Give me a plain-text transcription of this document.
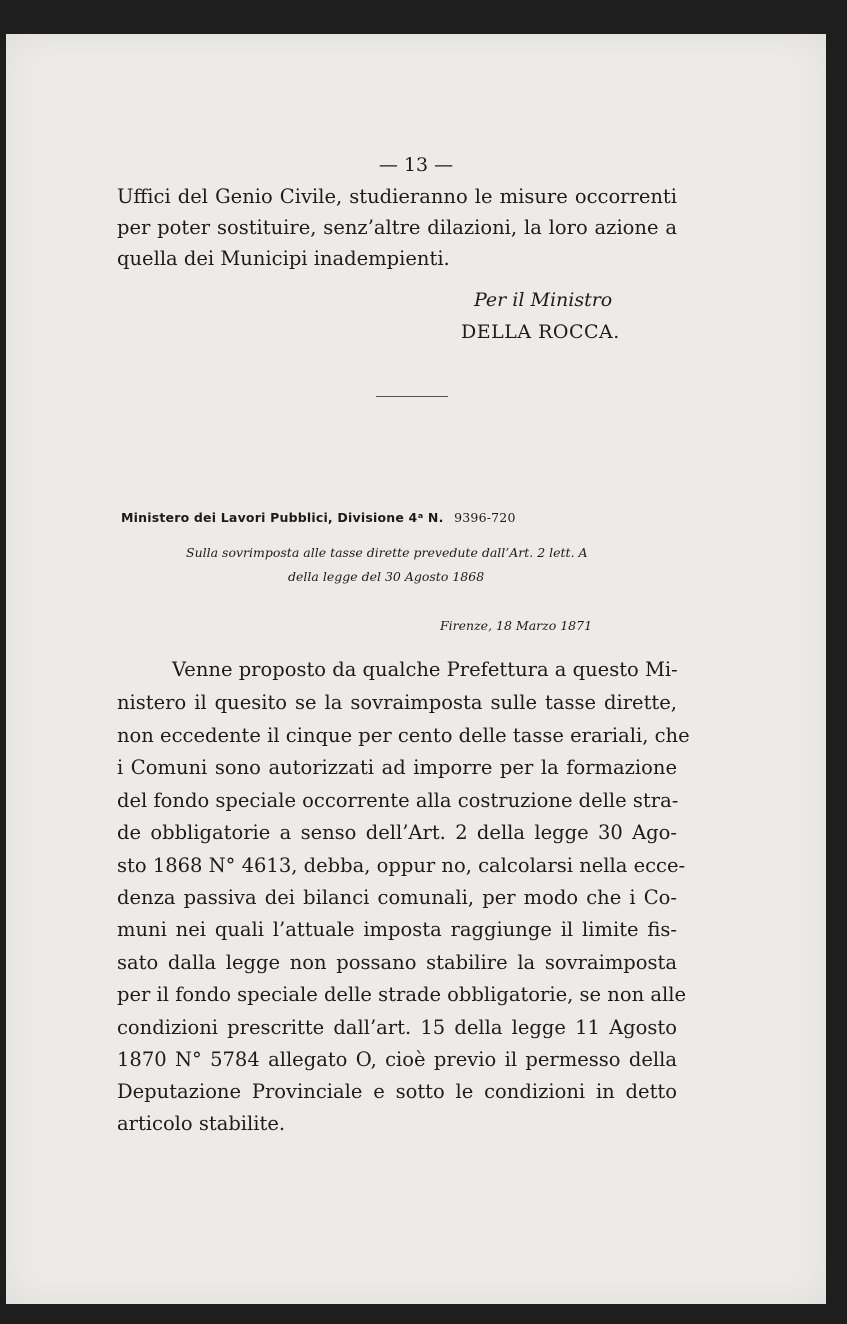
— 13 —
Uffici del Genio Civile, studieranno le misure occorrenti
per poter sostituire, senz’altre dilazioni, la loro azione a
quella dei Municipi inadempienti.
Per il Ministro
DELLA ROCCA.
Ministero dei Lavori Pubblici, Divisione 4ᵃ N. 9396-720
Sulla sovrimposta alle tasse dirette prevedute dall’Art. 2 lett. A
della legge del 30 Agosto 1868
Firenze, 18 Marzo 1871
Venne proposto da qualche Prefettura a questo Mi-
nistero il quesito se la sovraimposta sulle tasse dirette,
non eccedente il cinque per cento delle tasse erariali, che
i Comuni sono autorizzati ad imporre per la formazione
del fondo speciale occorrente alla costruzione delle stra-
de obbligatorie a senso dell’Art. 2 della legge 30 Ago-
sto 1868 N° 4613, debba, oppur no, calcolarsi nella ecce-
denza passiva dei bilanci comunali, per modo che i Co-
muni nei quali l’attuale imposta raggiunge il limite fis-
sato dalla legge non possano stabilire la sovraimposta
per il fondo speciale delle strade obbligatorie, se non alle
condizioni prescritte dall’art. 15 della legge 11 Agosto
1870 N° 5784 allegato O, cioè previo il permesso della
Deputazione Provinciale e sotto le condizioni in detto
articolo stabilite.
